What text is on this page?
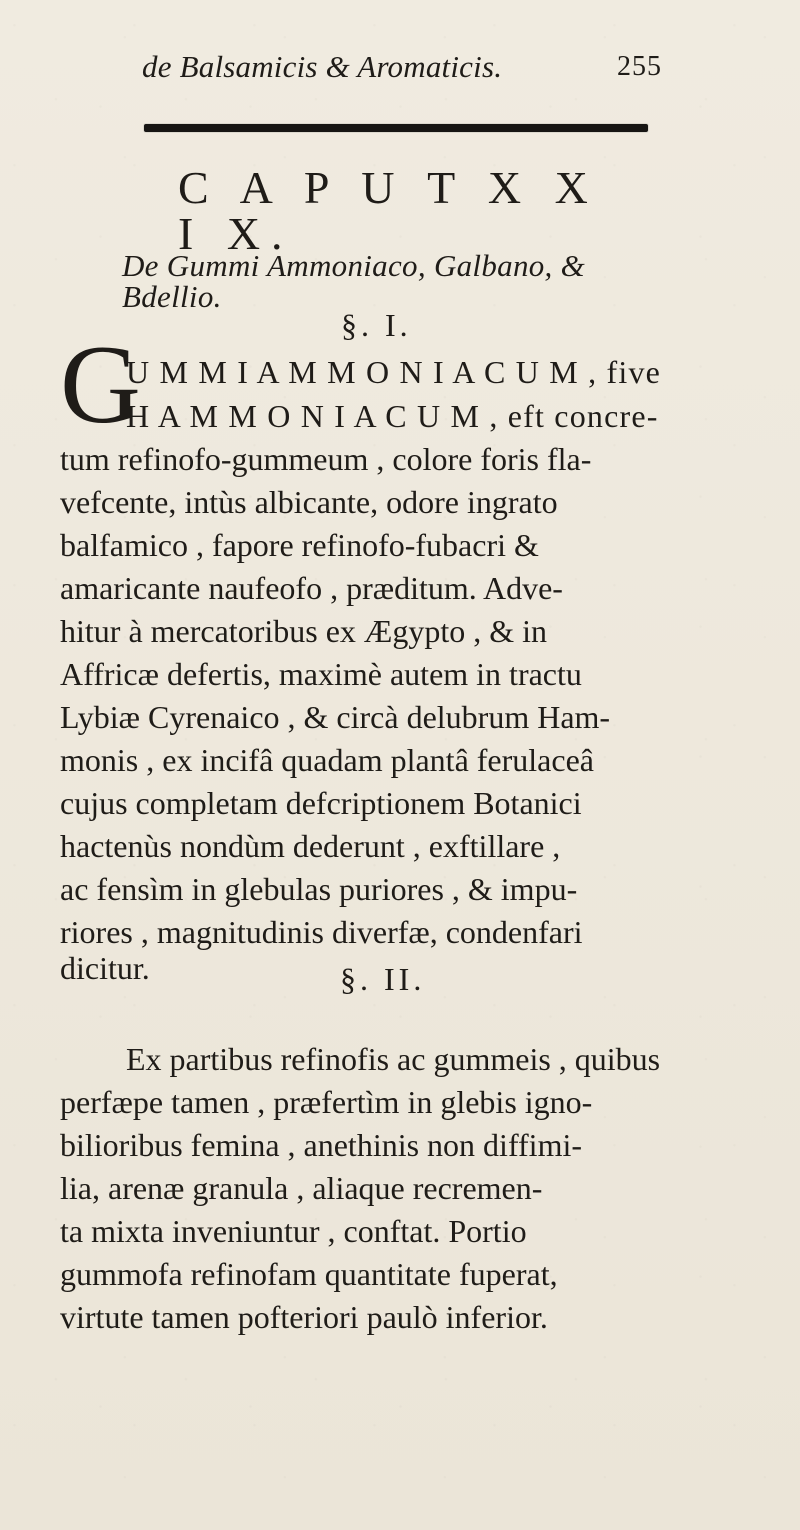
de Balsamicis & Aromaticis.	255
C A P U T X X I X.
De Gummi Ammoniaco, Galbano, & Bdellio.
§. I.
G
U M M I A M M O N I A C U M , five
H A M M O N I A C U M , eft concre-
tum refinofo-gummeum , colore foris fla-
vefcente, intùs albicante, odore ingrato
balfamico , fapore refinofo-fubacri &
amaricante naufeofo , præditum. Adve-
hitur à mercatoribus ex Ægypto , & in
Affricæ defertis, maximè autem in tractu
Lybiæ Cyrenaico , & circà delubrum Ham-
monis , ex incifâ quadam plantâ ferulaceâ
cujus completam defcriptionem Botanici
hactenùs nondùm dederunt , exftillare ,
ac fensìm in glebulas puriores , & impu-
riores , magnitudinis diverfæ, condenfari
dicitur.	§. II.
Ex partibus refinofis ac gummeis , quibus
perfæpe tamen , præfertìm in glebis igno-
bilioribus femina , anethinis non diffimi-
lia, arenæ granula , aliaque recremen-
ta mixta inveniuntur , conftat. Portio
gummofa refinofam quantitate fuperat,
virtute tamen pofteriori paulò inferior.
